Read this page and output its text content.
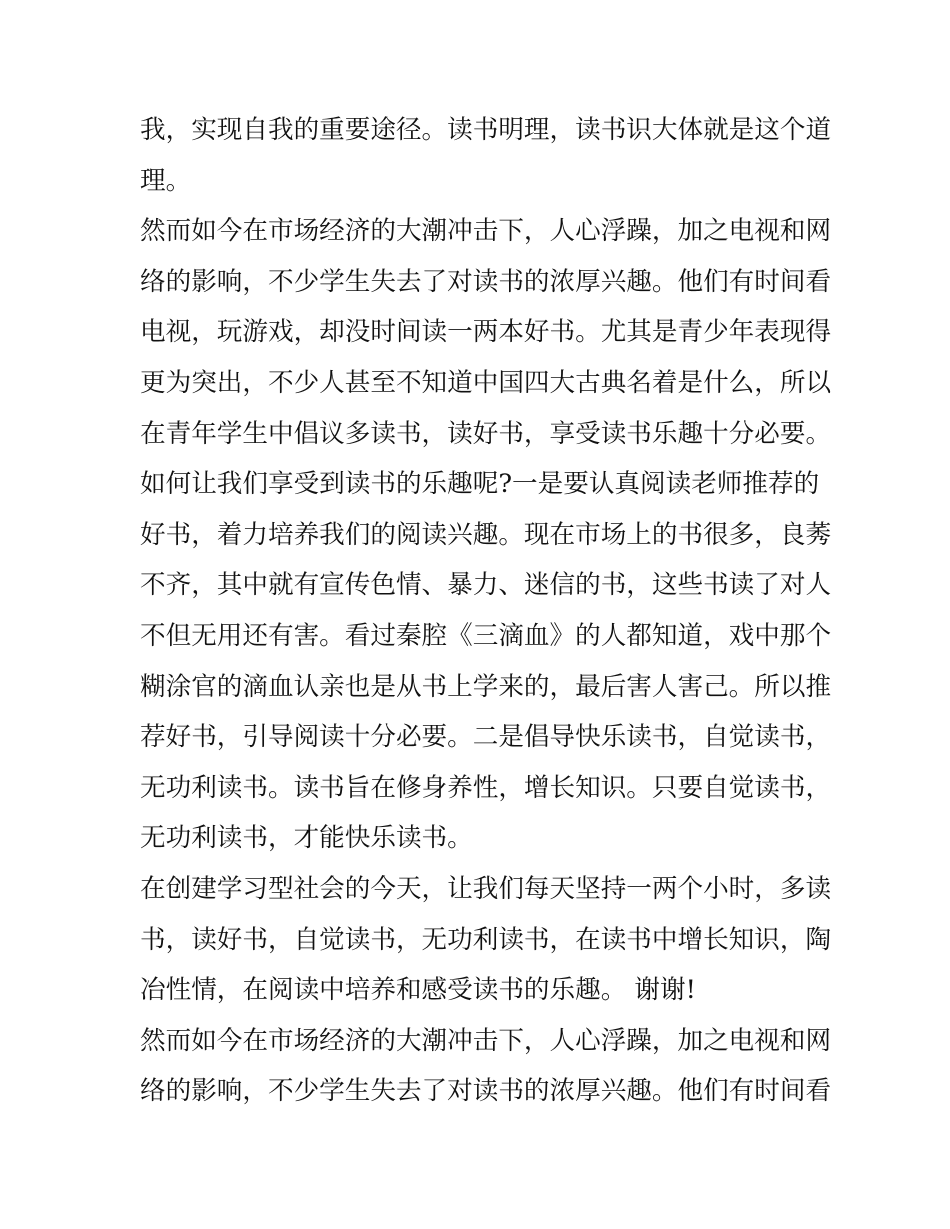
我，实现自我的重要途径。读书明理，读书识大体就是这个道
理。
然而如今在市场经济的大潮冲击下，人心浮躁，加之电视和网
络的影响，不少学生失去了对读书的浓厚兴趣。他们有时间看
电视，玩游戏，却没时间读一两本好书。尤其是青少年表现得
更为突出，不少人甚至不知道中国四大古典名着是什么，所以
在青年学生中倡议多读书，读好书，享受读书乐趣十分必要。
如何让我们享受到读书的乐趣呢?一是要认真阅读老师推荐的
好书，着力培养我们的阅读兴趣。现在市场上的书很多，良莠
不齐，其中就有宣传色情、暴力、迷信的书，这些书读了对人
不但无用还有害。看过秦腔《三滴血》的人都知道，戏中那个
糊涂官的滴血认亲也是从书上学来的，最后害人害己。所以推
荐好书，引导阅读十分必要。二是倡导快乐读书，自觉读书，
无功利读书。读书旨在修身养性，增长知识。只要自觉读书，
无功利读书，才能快乐读书。
在创建学习型社会的今天，让我们每天坚持一两个小时，多读
书，读好书，自觉读书，无功利读书，在读书中增长知识，陶
冶性情，在阅读中培养和感受读书的乐趣。 谢谢!
然而如今在市场经济的大潮冲击下，人心浮躁，加之电视和网
络的影响，不少学生失去了对读书的浓厚兴趣。他们有时间看
